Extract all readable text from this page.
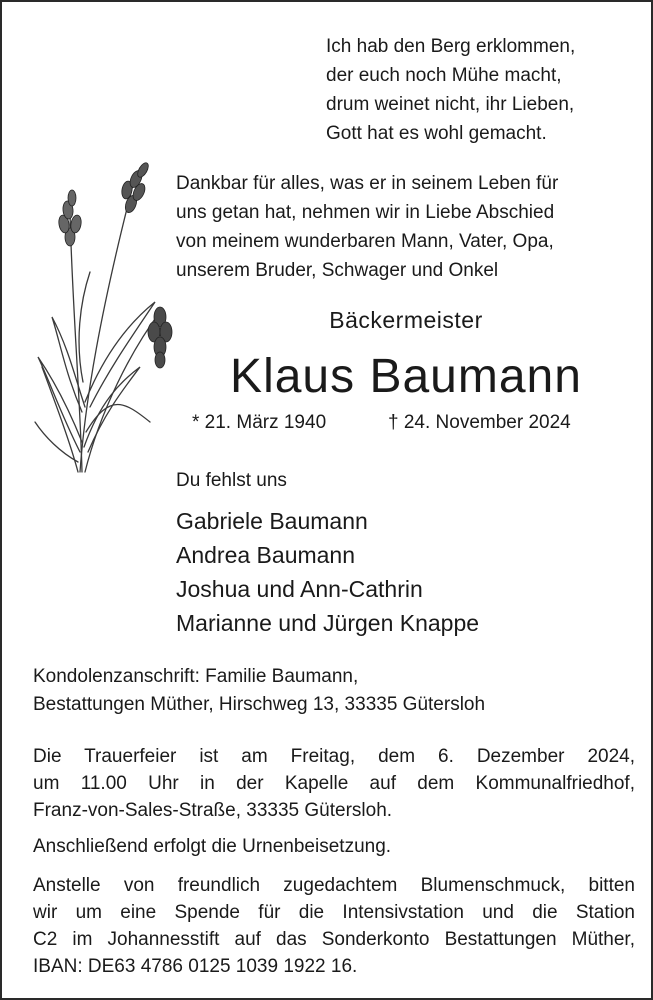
Ich hab den Berg erklommen,
der euch noch Mühe macht,
drum weinet nicht, ihr Lieben,
Gott hat es wohl gemacht.
Dankbar für alles, was er in seinem Leben für
uns getan hat, nehmen wir in Liebe Abschied
von meinem wunderbaren Mann, Vater, Opa,
unserem Bruder, Schwager und Onkel
Bäckermeister
Klaus Baumann
* 21. März 1940	† 24. November 2024
Du fehlst uns
Gabriele Baumann
Andrea Baumann
Joshua und Ann-Cathrin
Marianne und Jürgen Knappe
Kondolenzanschrift: Familie Baumann,
Bestattungen Müther, Hirschweg 13, 33335 Gütersloh
Die Trauerfeier ist am Freitag, dem 6. Dezember 2024,
um 11.00 Uhr in der Kapelle auf dem Kommunalfriedhof,
Franz-von-Sales-Straße, 33335 Gütersloh.
Anschließend erfolgt die Urnenbeisetzung.
Anstelle von freundlich zugedachtem Blumenschmuck, bitten
wir um eine Spende für die Intensivstation und die Station
C2 im Johannesstift auf das Sonderkonto Bestattungen Müther,
IBAN: DE63 4786 0125 1039 1922 16.
